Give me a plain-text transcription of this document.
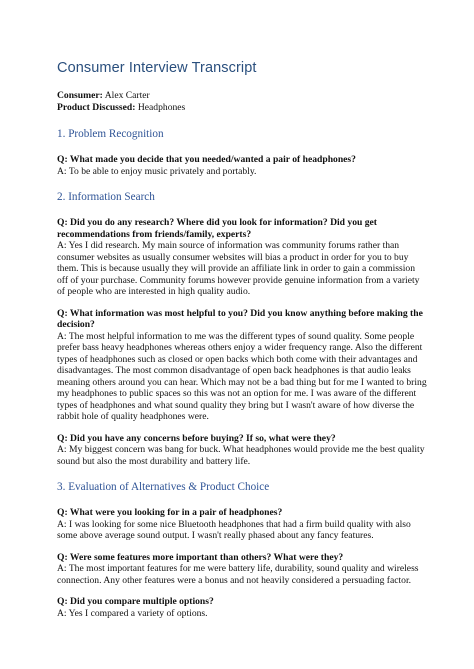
Consumer Interview Transcript
Consumer: Alex Carter
Product Discussed: Headphones
1. Problem Recognition

Q: What made you decide that you needed/wanted a pair of headphones?

A: To be able to enjoy music privately and portably.

2. Information Search

Q: Did you do any research? Where did you look for information? Did you get recommendations from friends/family, experts?

A: Yes I did research. My main source of information was community forums rather than consumer websites as usually consumer websites will bias a product in order for you to buy them. This is because usually they will provide an affiliate link in order to gain a commission off of your purchase. Community forums however provide genuine information from a variety of people who are interested in high quality audio.

Q: What information was most helpful to you? Did you know anything before making the decision?

A: The most helpful information to me was the different types of sound quality. Some people prefer bass heavy headphones whereas others enjoy a wider frequency range. Also the different types of headphones such as closed or open backs which both come with their advantages and disadvantages. The most common disadvantage of open back headphones is that audio leaks meaning others around you can hear. Which may not be a bad thing but for me I wanted to bring my headphones to public spaces so this was not an option for me. I was aware of the different types of headphones and what sound quality they bring but I wasn't aware of how diverse the rabbit hole of quality headphones were.

Q: Did you have any concerns before buying? If so, what were they?

A: My biggest concern was bang for buck. What headphones would provide me the best quality sound but also the most durability and battery life.

3. Evaluation of Alternatives & Product Choice

Q: What were you looking for in a pair of headphones?

A: I was looking for some nice Bluetooth headphones that had a firm build quality with also some above average sound output. I wasn't really phased about any fancy features.

Q: Were some features more important than others? What were they?

A: The most important features for me were battery life, durability, sound quality and wireless connection. Any other features were a bonus and not heavily considered a persuading factor.

Q: Did you compare multiple options?

A: Yes I compared a variety of options.
